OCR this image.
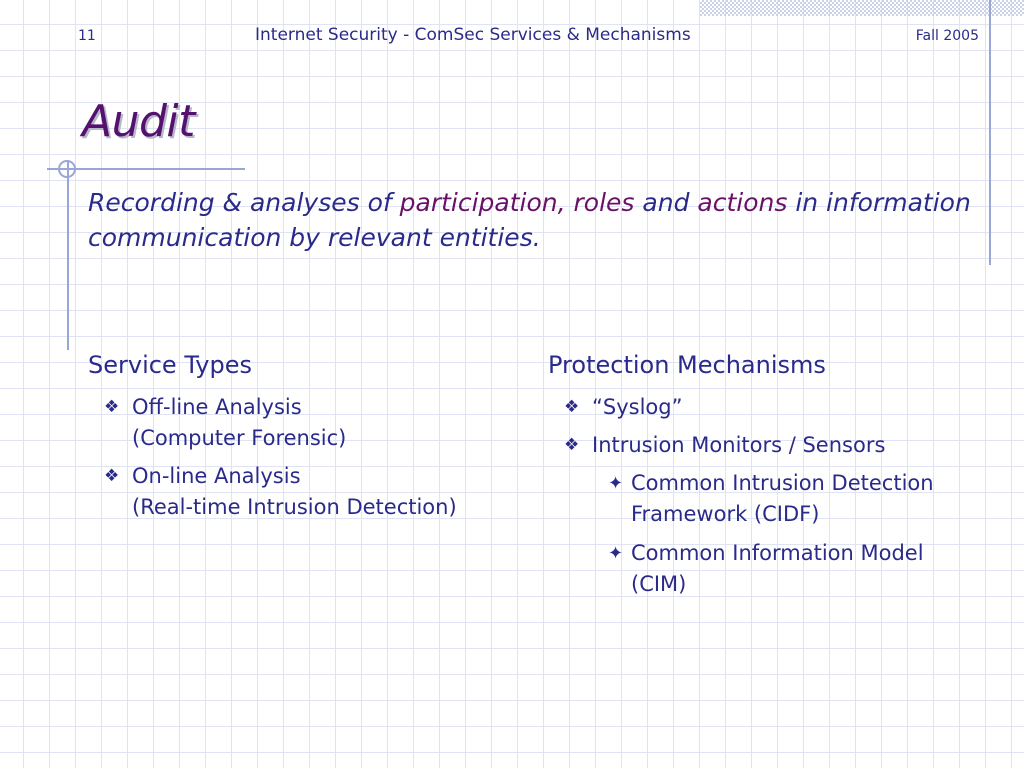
11	Internet Security - ComSec Services & Mechanisms	Fall 2005
Audit
Recording & analyses of participation, roles and actions in information communication by relevant entities.
Service Types
❖ Off-line Analysis
(Computer Forensic)
❖ On-line Analysis
(Real-time Intrusion Detection)
Protection Mechanisms
❖ “Syslog”
❖ Intrusion Monitors / Sensors
✦ Common Intrusion Detection
Framework (CIDF)
✦ Common Information Model
(CIM)
